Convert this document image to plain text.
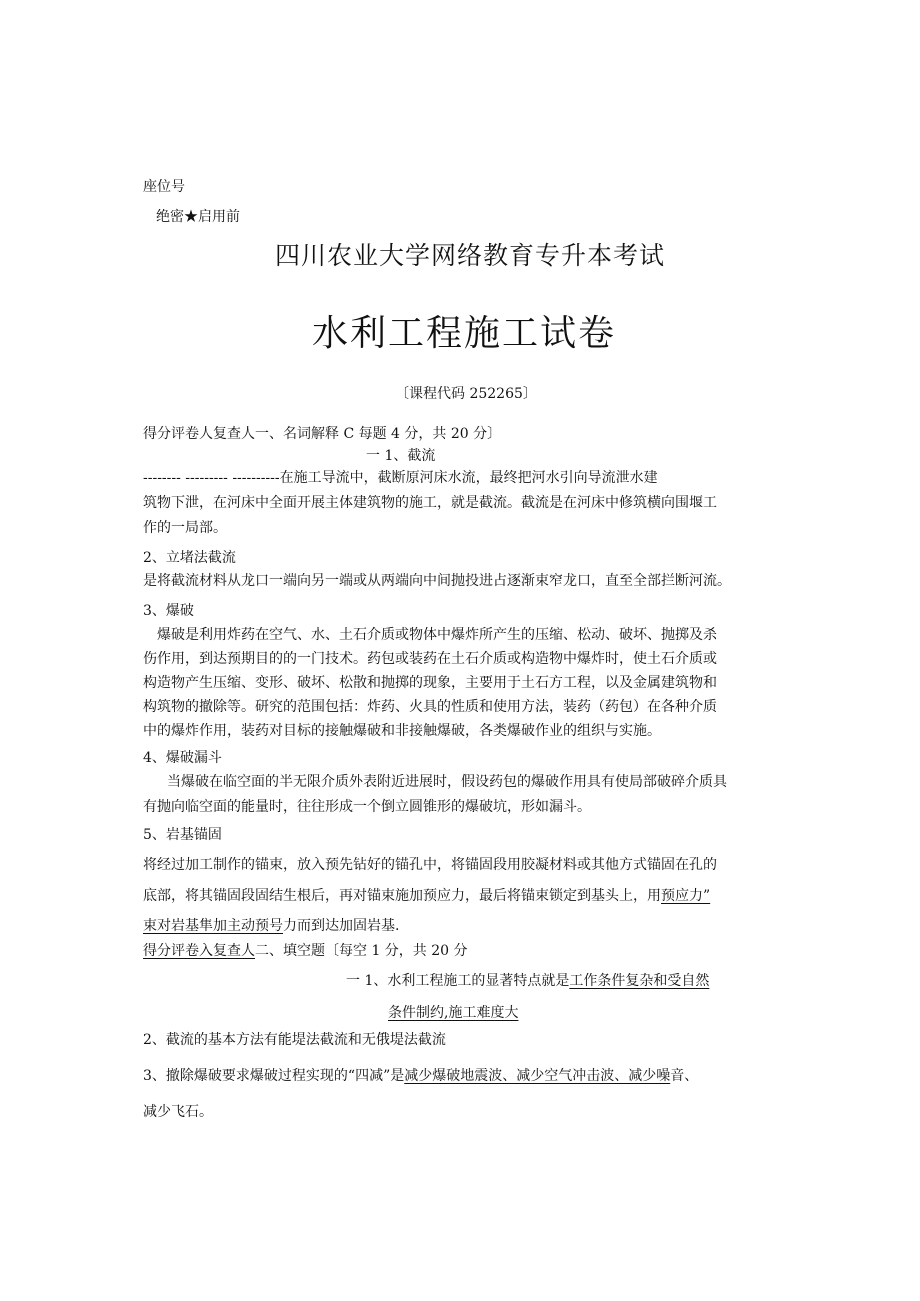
座位号
绝密★启用前
四川农业大学网络教育专升本考试
水利工程施工试卷
〔课程代码 252265〕
得分评卷人复查人一、名词解释 C 每题 4 分，共 20 分〕
一 1、截流
-------- --------- ----------在施工导流中，截断原河床水流，最终把河水引向导流泄水建
筑物下泄，在河床中全面开展主体建筑物的施工，就是截流。截流是在河床中修筑横向围堰工
作的一局部。
2、立堵法截流
是将截流材料从龙口一端向另一端或从两端向中间抛投进占逐渐束窄龙口，直至全部拦断河流。
3、爆破
爆破是利用炸药在空气、水、土石介质或物体中爆炸所产生的压缩、松动、破坏、抛掷及杀
伤作用，到达预期目的的一门技术。药包或装药在土石介质或构造物中爆炸时，使土石介质或
构造物产生压缩、变形、破坏、松散和抛掷的现象，主要用于土石方工程，以及金属建筑物和
构筑物的撤除等。研究的范围包括：炸药、火具的性质和使用方法，装药（药包）在各种介质
中的爆炸作用，装药对目标的接触爆破和非接触爆破，各类爆破作业的组织与实施。
4、爆破漏斗
当爆破在临空面的半无限介质外表附近进展时，假设药包的爆破作用具有使局部破碎介质具
有抛向临空面的能量时，往往形成一个倒立圆锥形的爆破坑，形如漏斗。
5、岩基锚固
将经过加工制作的锚束，放入预先钻好的锚孔中，将锚固段用胶凝材料或其他方式锚固在孔的
底部，将其锚固段固结生根后，再对锚束施加预应力，最后将锚束锁定到基头上，用预应力”
束对岩基隼加主动预号力而到达加固岩基.
得分评卷入复查人二、填空题〔每空 1 分，共 20 分
一 1、水利工程施工的显著特点就是工作条件复杂和受自然
条件制约,施工难度大
2、截流的基本方法有能堤法截流和无俄堤法截流
3、撤除爆破要求爆破过程实现的“四减”是减少爆破地震波、减少空气冲击波、减少噪音、
减少飞石。
